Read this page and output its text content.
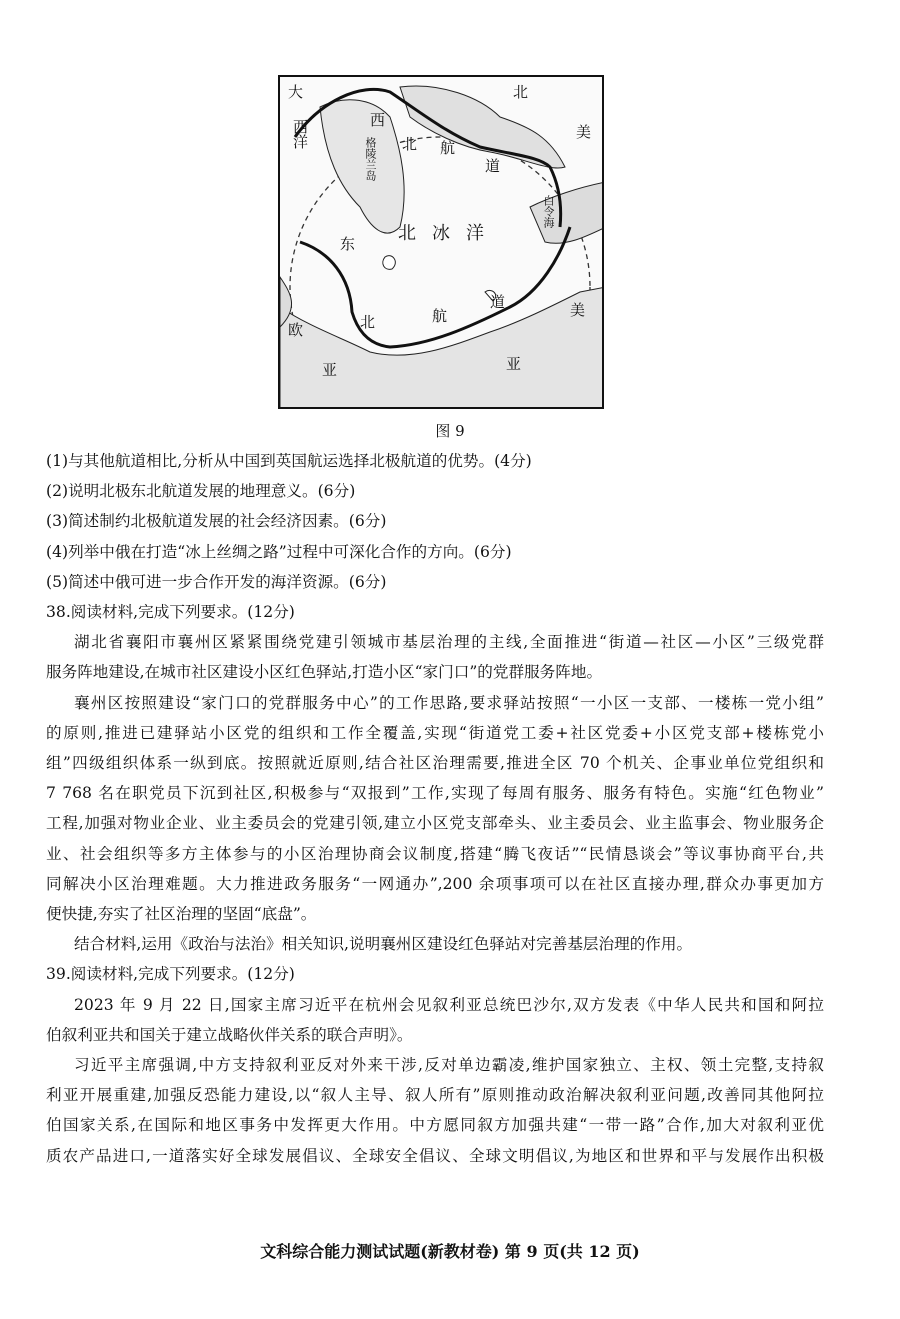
大	北
西洋	西
北 航
道
格陵兰岛
北冰洋
白令海
东
北	航
道
欧
亚	亚
美
美
图 9

(1)与其他航道相比,分析从中国到英国航运选择北极航道的优势。(4分)

(2)说明北极东北航道发展的地理意义。(6分)

(3)简述制约北极航道发展的社会经济因素。(6分)

(4)列举中俄在打造“冰上丝绸之路”过程中可深化合作的方向。(6分)

(5)简述中俄可进一步合作开发的海洋资源。(6分)

38.阅读材料,完成下列要求。(12分)

湖北省襄阳市襄州区紧紧围绕党建引领城市基层治理的主线,全面推进“街道—社区—小区”三级党群

服务阵地建设,在城市社区建设小区红色驿站,打造小区“家门口”的党群服务阵地。

襄州区按照建设“家门口的党群服务中心”的工作思路,要求驿站按照“一小区一支部、一楼栋一党小组”

的原则,推进已建驿站小区党的组织和工作全覆盖,实现“街道党工委+社区党委+小区党支部+楼栋党小

组”四级组织体系一纵到底。按照就近原则,结合社区治理需要,推进全区 70 个机关、企事业单位党组织和

7 768 名在职党员下沉到社区,积极参与“双报到”工作,实现了每周有服务、服务有特色。实施“红色物业”

工程,加强对物业企业、业主委员会的党建引领,建立小区党支部牵头、业主委员会、业主监事会、物业服务企

业、社会组织等多方主体参与的小区治理协商会议制度,搭建“腾飞夜话”“民情恳谈会”等议事协商平台,共

同解决小区治理难题。大力推进政务服务“一网通办”,200 余项事项可以在社区直接办理,群众办事更加方

便快捷,夯实了社区治理的坚固“底盘”。

结合材料,运用《政治与法治》相关知识,说明襄州区建设红色驿站对完善基层治理的作用。

39.阅读材料,完成下列要求。(12分)

2023 年 9 月 22 日,国家主席习近平在杭州会见叙利亚总统巴沙尔,双方发表《中华人民共和国和阿拉

伯叙利亚共和国关于建立战略伙伴关系的联合声明》。

习近平主席强调,中方支持叙利亚反对外来干涉,反对单边霸凌,维护国家独立、主权、领土完整,支持叙

利亚开展重建,加强反恐能力建设,以“叙人主导、叙人所有”原则推动政治解决叙利亚问题,改善同其他阿拉

伯国家关系,在国际和地区事务中发挥更大作用。中方愿同叙方加强共建“一带一路”合作,加大对叙利亚优

质农产品进口,一道落实好全球发展倡议、全球安全倡议、全球文明倡议,为地区和世界和平与发展作出积极

文科综合能力测试试题(新教材卷) 第 9 页(共 12 页)
